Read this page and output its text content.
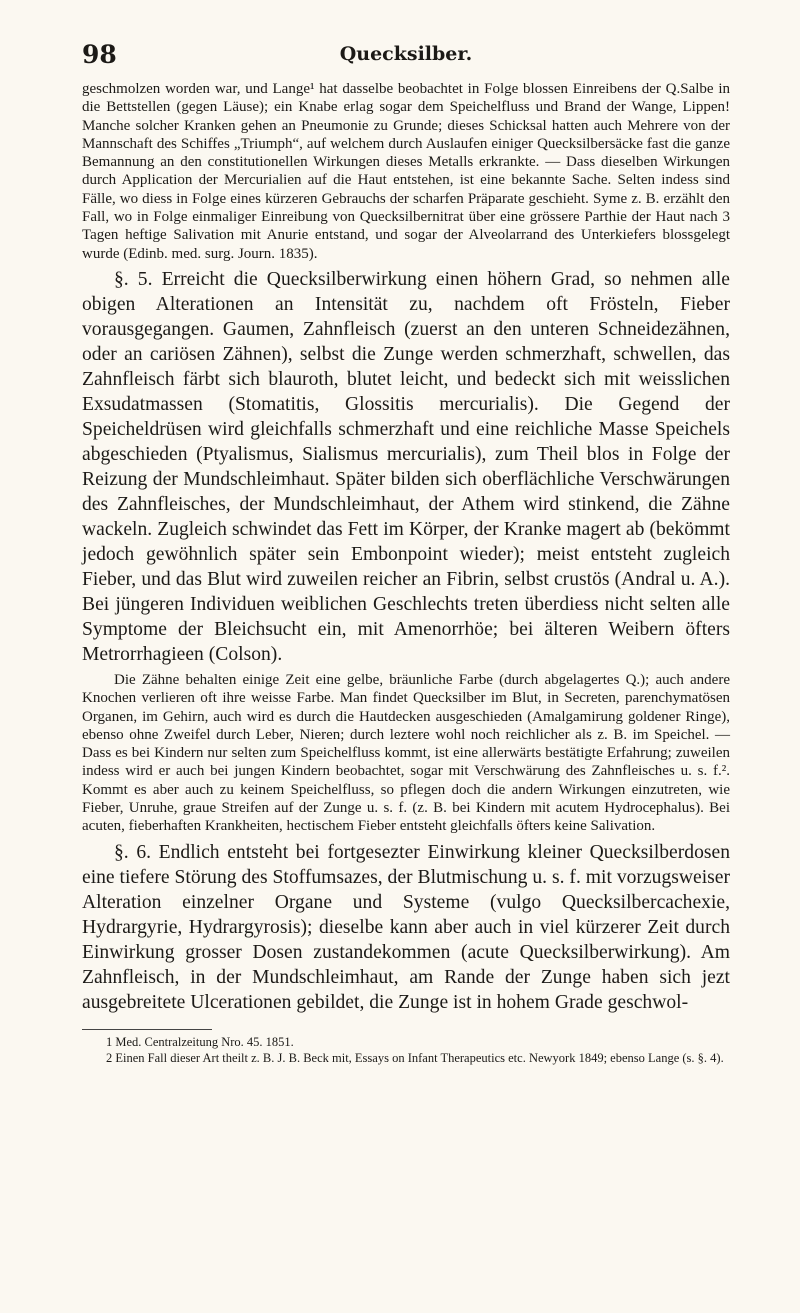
98	Quecksilber.

geschmolzen worden war, und Lange¹ hat dasselbe beobachtet in Folge blossen Einreibens der Q.Salbe in die Bettstellen (gegen Läuse); ein Knabe erlag sogar dem Speichelfluss und Brand der Wange, Lippen! Manche solcher Kranken gehen an Pneumonie zu Grunde; dieses Schicksal hatten auch Mehrere von der Mannschaft des Schiffes „Triumph“, auf welchem durch Auslaufen einiger Quecksilbersäcke fast die ganze Bemannung an den constitutionellen Wirkungen dieses Metalls erkrankte. — Dass dieselben Wirkungen durch Application der Mercurialien auf die Haut entstehen, ist eine bekannte Sache. Selten indess sind Fälle, wo diess in Folge eines kürzeren Gebrauchs der scharfen Präparate geschieht. Syme z. B. erzählt den Fall, wo in Folge einmaliger Einreibung von Quecksilbernitrat über eine grössere Parthie der Haut nach 3 Tagen heftige Salivation mit Anurie entstand, und sogar der Alveolarrand des Unterkiefers blossgelegt wurde (Edinb. med. surg. Journ. 1835).

§. 5. Erreicht die Quecksilberwirkung einen höhern Grad, so nehmen alle obigen Alterationen an Intensität zu, nachdem oft Frösteln, Fieber vorausgegangen. Gaumen, Zahnfleisch (zuerst an den unteren Schneidezähnen, oder an cariösen Zähnen), selbst die Zunge werden schmerzhaft, schwellen, das Zahnfleisch färbt sich blauroth, blutet leicht, und bedeckt sich mit weisslichen Exsudatmassen (Stomatitis, Glossitis mercurialis). Die Gegend der Speicheldrüsen wird gleichfalls schmerzhaft und eine reichliche Masse Speichels abgeschieden (Ptyalismus, Sialismus mercurialis), zum Theil blos in Folge der Reizung der Mundschleimhaut. Später bilden sich oberflächliche Verschwärungen des Zahnfleisches, der Mundschleimhaut, der Athem wird stinkend, die Zähne wackeln. Zugleich schwindet das Fett im Körper, der Kranke magert ab (bekömmt jedoch gewöhnlich später sein Embonpoint wieder); meist entsteht zugleich Fieber, und das Blut wird zuweilen reicher an Fibrin, selbst crustös (Andral u. A.). Bei jüngeren Individuen weiblichen Geschlechts treten überdiess nicht selten alle Symptome der Bleichsucht ein, mit Amenorrhöe; bei älteren Weibern öfters Metrorrhagieen (Colson).

Die Zähne behalten einige Zeit eine gelbe, bräunliche Farbe (durch abgelagertes Q.); auch andere Knochen verlieren oft ihre weisse Farbe. Man findet Quecksilber im Blut, in Secreten, parenchymatösen Organen, im Gehirn, auch wird es durch die Hautdecken ausgeschieden (Amalgamirung goldener Ringe), ebenso ohne Zweifel durch Leber, Nieren; durch leztere wohl noch reichlicher als z. B. im Speichel. — Dass es bei Kindern nur selten zum Speichelfluss kommt, ist eine allerwärts bestätigte Erfahrung; zuweilen indess wird er auch bei jungen Kindern beobachtet, sogar mit Verschwärung des Zahnfleisches u. s. f.². Kommt es aber auch zu keinem Speichelfluss, so pflegen doch die andern Wirkungen einzutreten, wie Fieber, Unruhe, graue Streifen auf der Zunge u. s. f. (z. B. bei Kindern mit acutem Hydrocephalus). Bei acuten, fieberhaften Krankheiten, hectischem Fieber entsteht gleichfalls öfters keine Salivation.

§. 6. Endlich entsteht bei fortgesezter Einwirkung kleiner Quecksilberdosen eine tiefere Störung des Stoffumsazes, der Blutmischung u. s. f. mit vorzugsweiser Alteration einzelner Organe und Systeme (vulgo Quecksilbercachexie, Hydrargyrie, Hydrargyrosis); dieselbe kann aber auch in viel kürzerer Zeit durch Einwirkung grosser Dosen zustandekommen (acute Quecksilberwirkung). Am Zahnfleisch, in der Mundschleimhaut, am Rande der Zunge haben sich jezt ausgebreitete Ulcerationen gebildet, die Zunge ist in hohem Grade geschwol-

1 Med. Centralzeitung Nro. 45. 1851.

2 Einen Fall dieser Art theilt z. B. J. B. Beck mit, Essays on Infant Therapeutics etc. Newyork 1849; ebenso Lange (s. §. 4).
